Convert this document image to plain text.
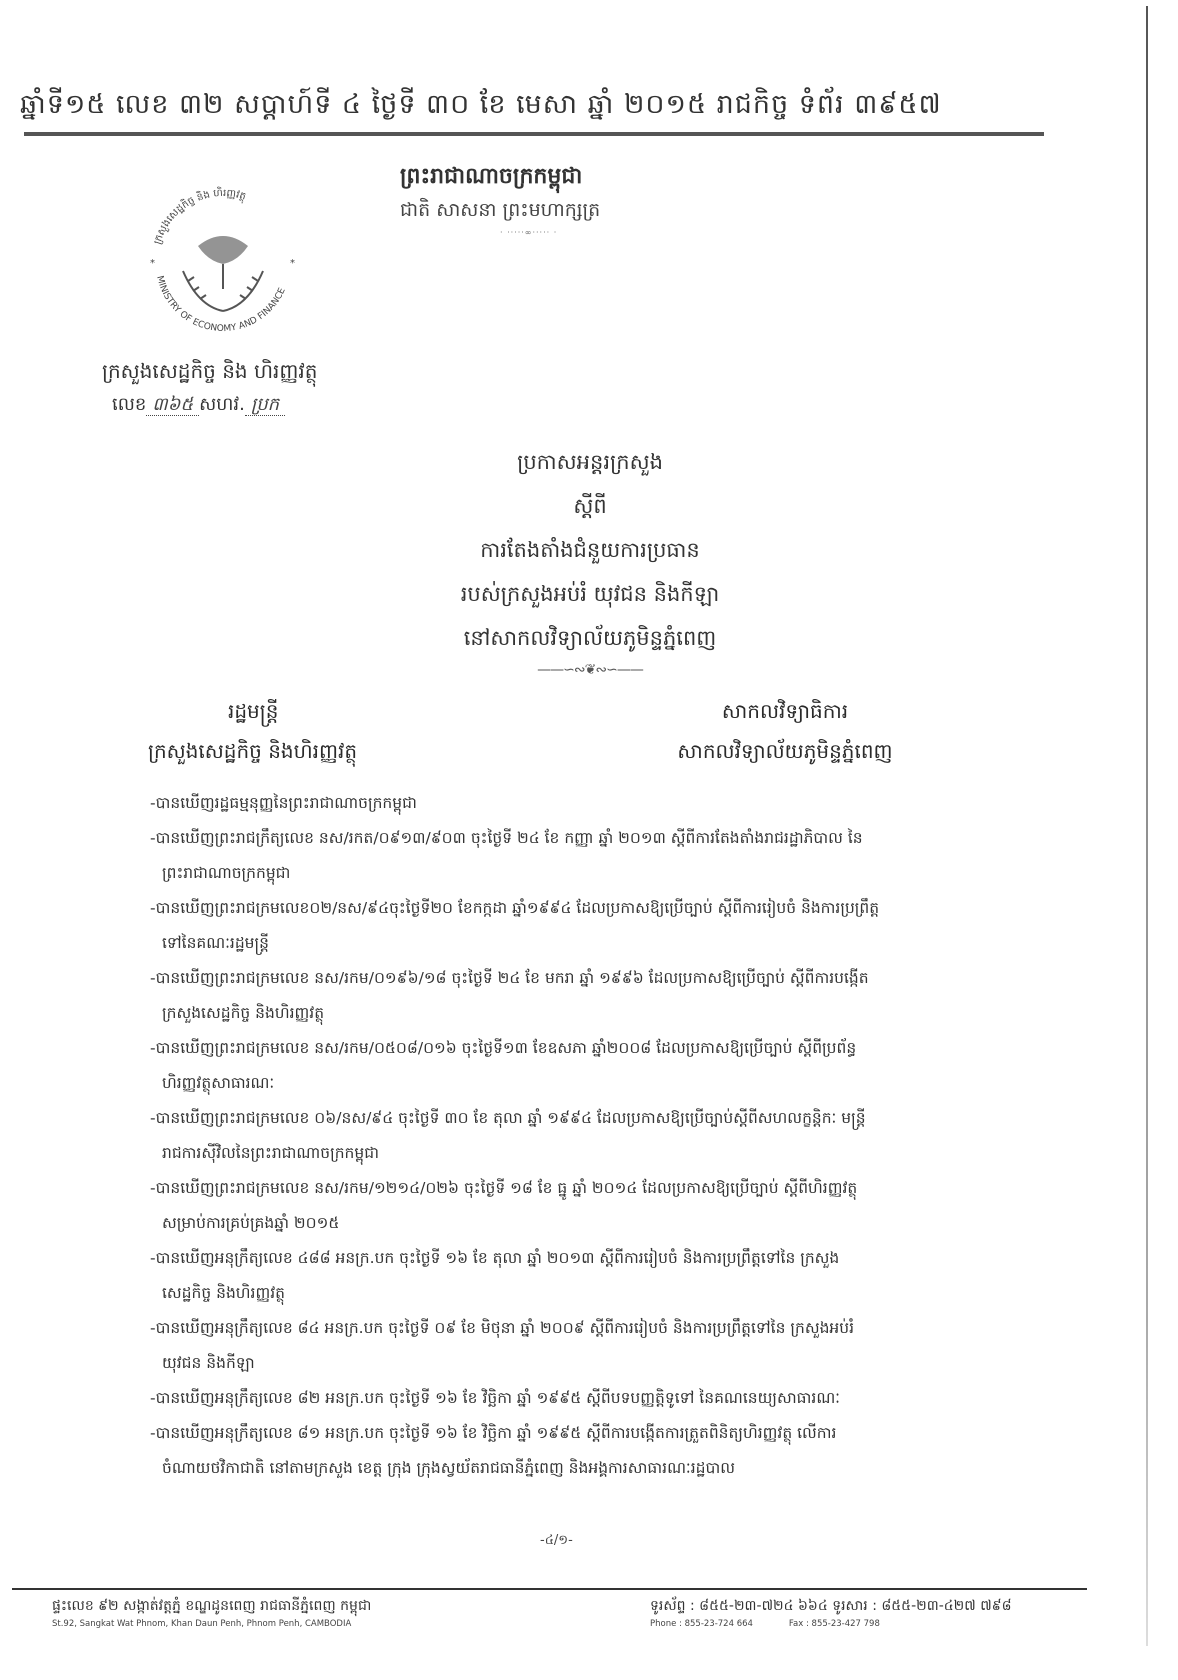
ឆ្នាំទី១៥ លេខ ៣២ សប្ដាហ៍ទី ៤ ថ្ងៃទី ៣០ ខែ មេសា ឆ្នាំ ២០១៥ រាជកិច្ច ទំព័រ ៣៩៥៧
ព្រះរាជាណាចក្រកម្ពុជា
ជាតិ សាសនា ព្រះមហាក្សត្រ
· ·····∞····· ·
ក្រសួងសេដ្ឋកិច្ច និង ហិរញ្ញវត្ថុ
MINISTRY OF ECONOMY AND FINANCE
*	*
ក្រសួងសេដ្ឋកិច្ច និង ហិរញ្ញវត្ថុ
លេខ ៣៦៥ សហវ. ប្រក
ប្រកាសអន្តរក្រសួង
ស្តីពី
ការតែងតាំងជំនួយការប្រធាន
របស់ក្រសួងអប់រំ យុវជន និងកីឡា
នៅសាកលវិទ្យាល័យភូមិន្ទភ្នំពេញ
——∽∾❦∾∽——
រដ្ឋមន្ត្រី
ក្រសួងសេដ្ឋកិច្ច និងហិរញ្ញវត្ថុ
សាកលវិទ្យាធិការ
សាកលវិទ្យាល័យភូមិន្ទភ្នំពេញ
-បានឃើញរដ្ឋធម្មនុញ្ញនៃព្រះរាជាណាចក្រកម្ពុជា
-បានឃើញព្រះរាជក្រឹត្យលេខ នស/រកត/០៩១៣/៩០៣ ចុះថ្ងៃទី ២៤ ខែ កញ្ញា ឆ្នាំ ២០១៣ ស្តីពីការតែងតាំងរាជរដ្ឋាភិបាល នៃ
ព្រះរាជាណាចក្រកម្ពុជា
-បានឃើញព្រះរាជក្រមលេខ០២/នស/៩៤ចុះថ្ងៃទី២០ ខែកក្កដា ឆ្នាំ១៩៩៤ ដែលប្រកាសឱ្យប្រើច្បាប់ ស្តីពីការរៀបចំ និងការប្រព្រឹត្ត
ទៅនៃគណៈរដ្ឋមន្ត្រី
-បានឃើញព្រះរាជក្រមលេខ នស/រកម/០១៩៦/១៨ ចុះថ្ងៃទី ២៤ ខែ មករា ឆ្នាំ ១៩៩៦ ដែលប្រកាសឱ្យប្រើច្បាប់ ស្តីពីការបង្កើត
ក្រសួងសេដ្ឋកិច្ច និងហិរញ្ញវត្ថុ
-បានឃើញព្រះរាជក្រមលេខ នស/រកម/០៥០៨/០១៦ ចុះថ្ងៃទី១៣ ខែឧសភា ឆ្នាំ២០០៨ ដែលប្រកាសឱ្យប្រើច្បាប់ ស្តីពីប្រព័ន្ធ
ហិរញ្ញវត្ថុសាធារណៈ
-បានឃើញព្រះរាជក្រមលេខ ០៦/នស/៩៤ ចុះថ្ងៃទី ៣០ ខែ តុលា ឆ្នាំ ១៩៩៤ ដែលប្រកាសឱ្យប្រើច្បាប់ស្តីពីសហលក្ខន្តិកៈ មន្ត្រី
រាជការស៊ីវិលនៃព្រះរាជាណាចក្រកម្ពុជា
-បានឃើញព្រះរាជក្រមលេខ នស/រកម/១២១៤/០២៦ ចុះថ្ងៃទី ១៨ ខែ ធ្នូ ឆ្នាំ ២០១៤ ដែលប្រកាសឱ្យប្រើច្បាប់ ស្តីពីហិរញ្ញវត្ថុ
សម្រាប់ការគ្រប់គ្រងឆ្នាំ ២០១៥
-បានឃើញអនុក្រឹត្យលេខ ៤៨៨ អនក្រ.បក ចុះថ្ងៃទី ១៦ ខែ តុលា ឆ្នាំ ២០១៣ ស្តីពីការរៀបចំ និងការប្រព្រឹត្តទៅនៃ ក្រសួង
សេដ្ឋកិច្ច និងហិរញ្ញវត្ថុ
-បានឃើញអនុក្រឹត្យលេខ ៨៤ អនក្រ.បក ចុះថ្ងៃទី ០៩ ខែ មិថុនា ឆ្នាំ ២០០៩ ស្តីពីការរៀបចំ និងការប្រព្រឹត្តទៅនៃ ក្រសួងអប់រំ
យុវជន និងកីឡា
-បានឃើញអនុក្រឹត្យលេខ ៨២ អនក្រ.បក ចុះថ្ងៃទី ១៦ ខែ វិច្ឆិកា ឆ្នាំ ១៩៩៥ ស្តីពីបទបញ្ញត្តិទូទៅ នៃគណនេយ្យសាធារណៈ
-បានឃើញអនុក្រឹត្យលេខ ៨១ អនក្រ.បក ចុះថ្ងៃទី ១៦ ខែ វិច្ឆិកា ឆ្នាំ ១៩៩៥ ស្តីពីការបង្កើតការត្រួតពិនិត្យហិរញ្ញវត្ថុ លើការ
ចំណាយថវិកាជាតិ នៅតាមក្រសួង ខេត្ត ក្រុង ក្រុងស្វយ័តរាជធានីភ្នំពេញ និងអង្គការសាធារណៈរដ្ឋបាល
-៤/១-
ផ្ទះលេខ ៩២ សង្កាត់វត្តភ្នំ ខណ្ឌដូនពេញ រាជធានីភ្នំពេញ កម្ពុជា
St.92, Sangkat Wat Phnom, Khan Daun Penh, Phnom Penh, CAMBODIA
ទូរស័ព្ទ : ៨៥៥-២៣-៧២៤ ៦៦៤ ទូរសារ : ៨៥៥-២៣-៤២៧ ៧៩៨
Phone : 855-23-724 664	Fax : 855-23-427 798
